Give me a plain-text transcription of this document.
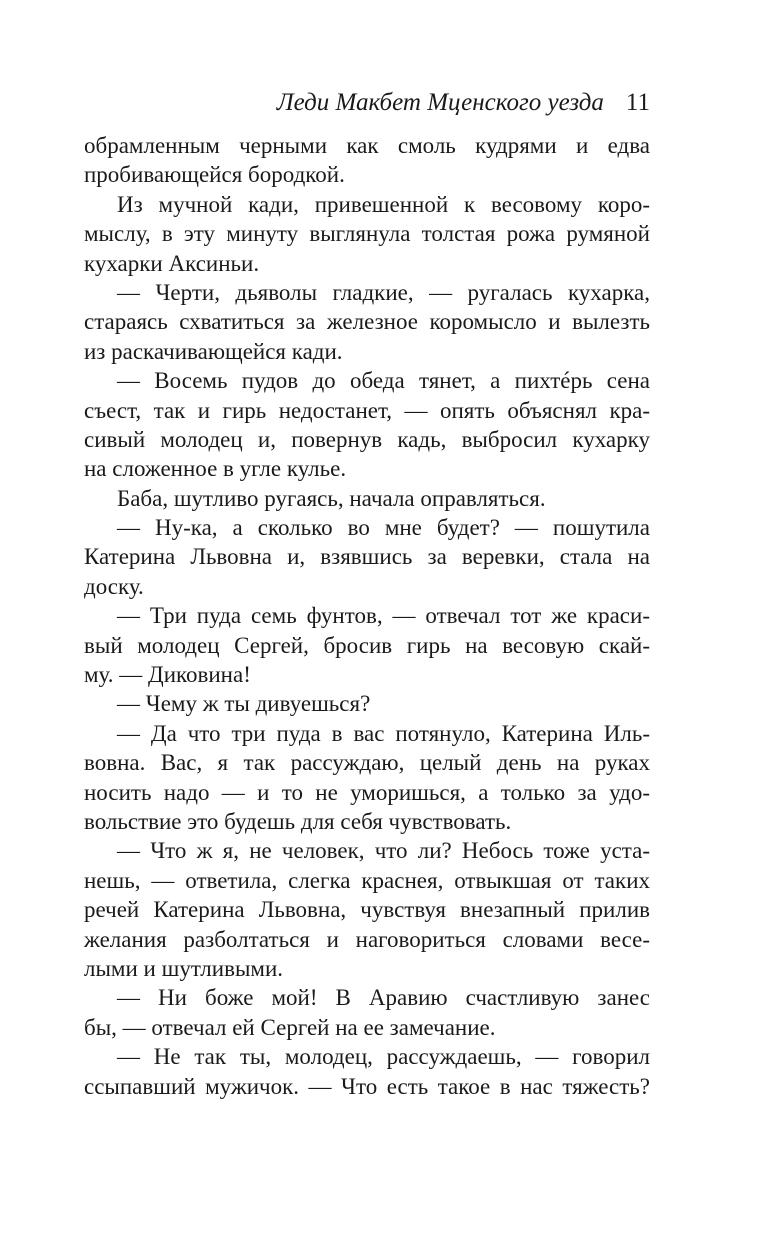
Леди Макбет Мценского уезда 11
обрамленным черными как смоль кудрями и едва
пробивающейся бородкой.
Из мучной кади, привешенной к весовому коро-
мыслу, в эту минуту выглянула толстая рожа румяной
кухарки Аксиньи.
— Черти, дьяволы гладкие, — ругалась кухарка,
стараясь схватиться за железное коромысло и вылезть
из раскачивающейся кади.
— Восемь пудов до обеда тянет, а пихтéрь сена
съест, так и гирь недостанет, — опять объяснял кра-
сивый молодец и, повернув кадь, выбросил кухарку
на сложенное в угле кулье.
Баба, шутливо ругаясь, начала оправляться.
— Ну-ка, а сколько во мне будет? — пошутила
Катерина Львовна и, взявшись за веревки, стала на
доску.
— Три пуда семь фунтов, — отвечал тот же краси-
вый молодец Сергей, бросив гирь на весовую скай-
му. — Диковина!
— Чему ж ты дивуешься?
— Да что три пуда в вас потянуло, Катерина Иль-
вовна. Вас, я так рассуждаю, целый день на руках
носить надо — и то не уморишься, а только за удо-
вольствие это будешь для себя чувствовать.
— Что ж я, не человек, что ли? Небось тоже уста-
нешь, — ответила, слегка краснея, отвыкшая от таких
речей Катерина Львовна, чувствуя внезапный прилив
желания разболтаться и наговориться словами весе-
лыми и шутливыми.
— Ни боже мой! В Аравию счастливую занес
бы, — отвечал ей Сергей на ее замечание.
— Не так ты, молодец, рассуждаешь, — говорил
ссыпавший мужичок. — Что есть такое в нас тяжесть?
